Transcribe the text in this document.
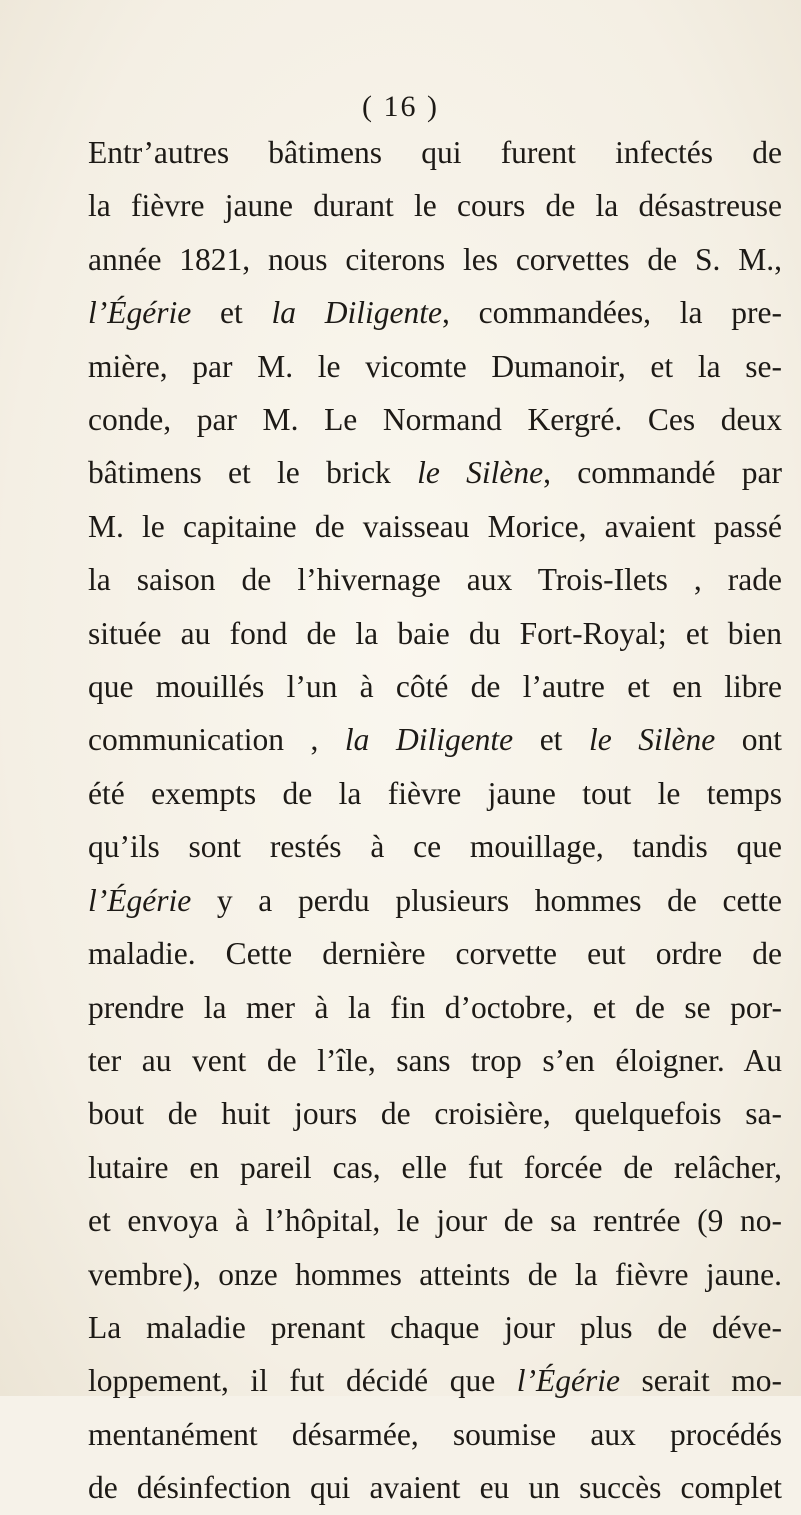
( 16 )
Entr’autres bâtimens qui furent infectés de
la fièvre jaune durant le cours de la désastreuse
année 1821, nous citerons les corvettes de S. M.,
l’Égérie et la Diligente, commandées, la pre-
mière, par M. le vicomte Dumanoir, et la se-
conde, par M. Le Normand Kergré. Ces deux
bâtimens et le brick le Silène, commandé par
M. le capitaine de vaisseau Morice, avaient passé
la saison de l’hivernage aux Trois-Ilets , rade
située au fond de la baie du Fort-Royal; et bien
que mouillés l’un à côté de l’autre et en libre
communication , la Diligente et le Silène ont
été exempts de la fièvre jaune tout le temps
qu’ils sont restés à ce mouillage, tandis que
l’Égérie y a perdu plusieurs hommes de cette
maladie. Cette dernière corvette eut ordre de
prendre la mer à la fin d’octobre, et de se por-
ter au vent de l’île, sans trop s’en éloigner. Au
bout de huit jours de croisière, quelquefois sa-
lutaire en pareil cas, elle fut forcée de relâcher,
et envoya à l’hôpital, le jour de sa rentrée (9 no-
vembre), onze hommes atteints de la fièvre jaune.
La maladie prenant chaque jour plus de déve-
loppement, il fut décidé que l’Égérie serait mo-
mentanément désarmée, soumise aux procédés
de désinfection qui avaient eu un succès complet
